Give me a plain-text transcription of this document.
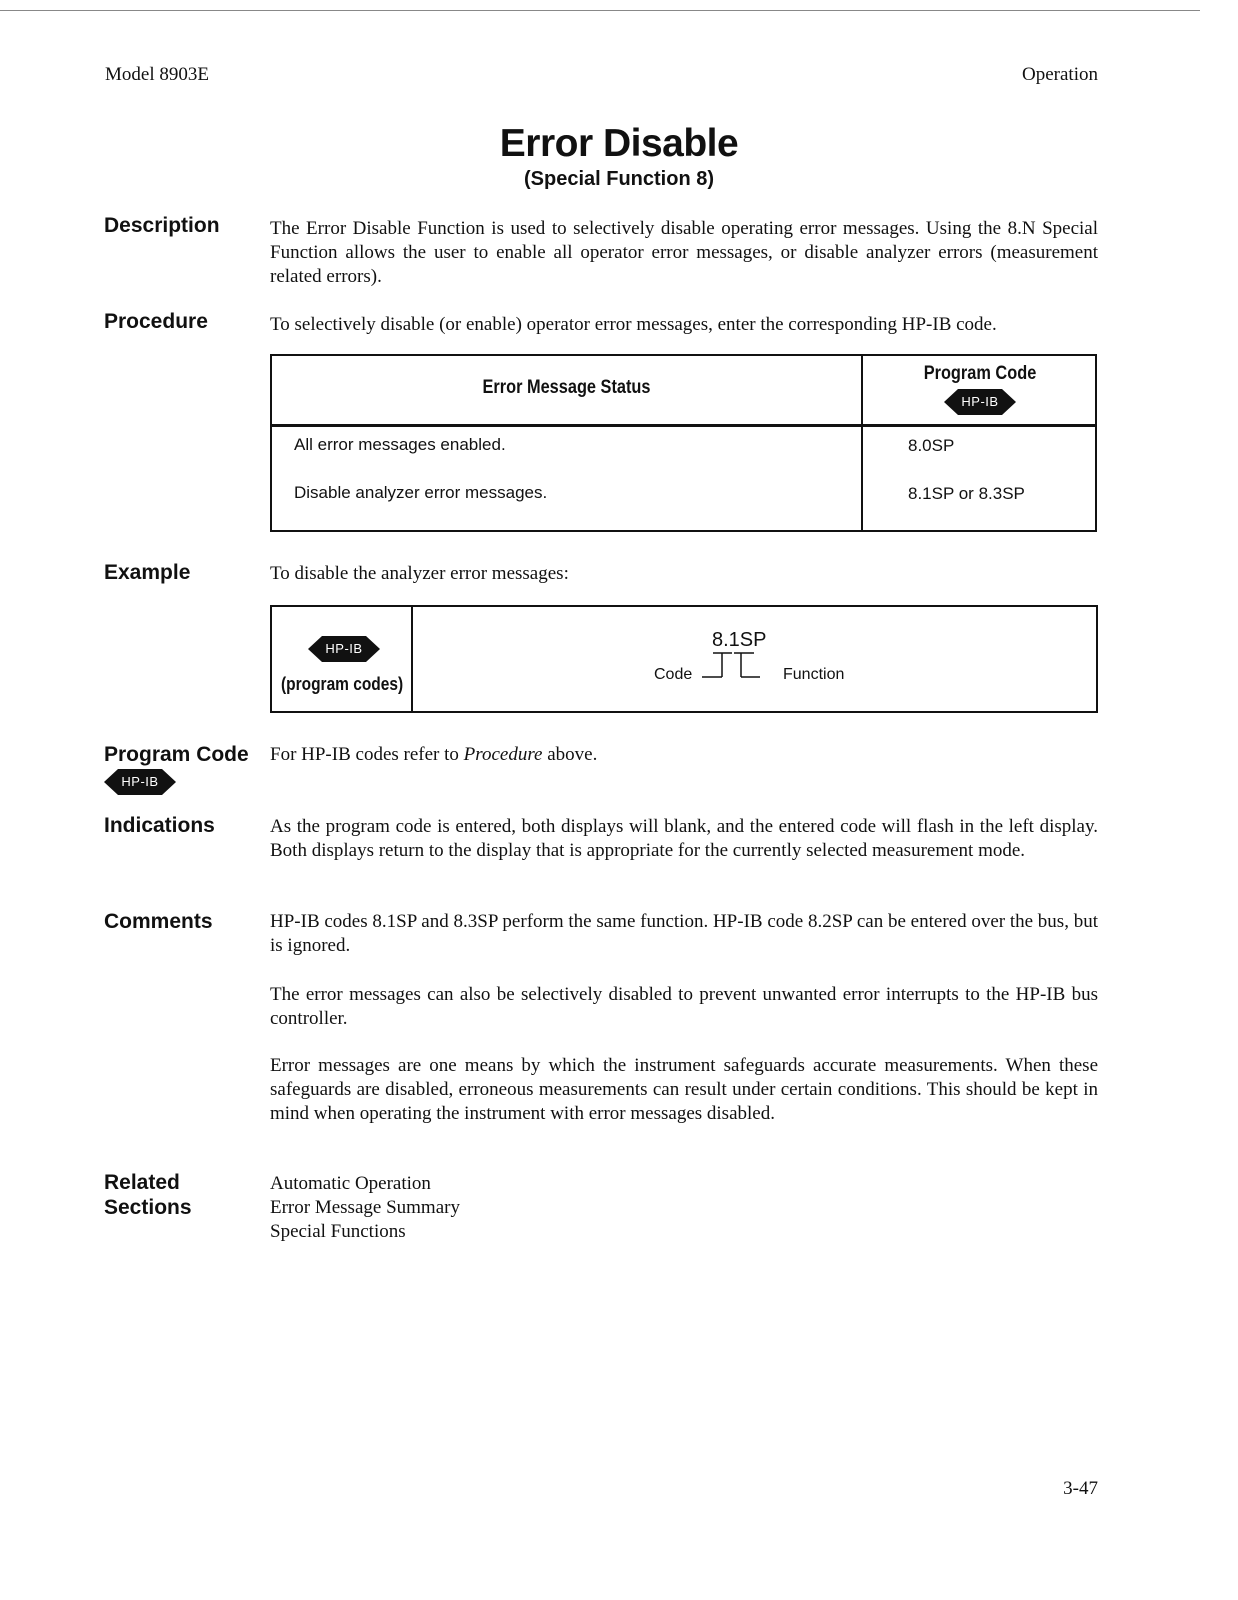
Model 8903E	Operation
Error Disable
(Special Function 8)
Description	The Error Disable Function is used to selectively disable operating error messages. Using the 8.N Special Function allows the user to enable all operator error messages, or disable analyzer errors (measurement related errors).
Procedure	To selectively disable (or enable) operator error messages, enter the corresponding HP-IB code.
Error Message Status
Program Code
HP-IB
All error messages enabled.	8.0SP
Disable analyzer error messages.	8.1SP or 8.3SP
Example	To disable the analyzer error messages:
HP-IB
(program codes)
8.1SP
Code	Function
Program Code
HP-IB
For HP-IB codes refer to Procedure above.
Indications	As the program code is entered, both displays will blank, and the entered code will flash in the left display. Both displays return to the display that is appropriate for the currently selected measurement mode.
Comments	HP-IB codes 8.1SP and 8.3SP perform the same function. HP-IB code 8.2SP can be entered over the bus, but is ignored.
The error messages can also be selectively disabled to prevent unwanted error interrupts to the HP-IB bus controller.
Error messages are one means by which the instrument safeguards accurate measurements. When these safeguards are disabled, erroneous measurements can result under certain conditions. This should be kept in mind when operating the instrument with error messages disabled.
Related
Sections
Automatic Operation
Error Message Summary
Special Functions
3-47
